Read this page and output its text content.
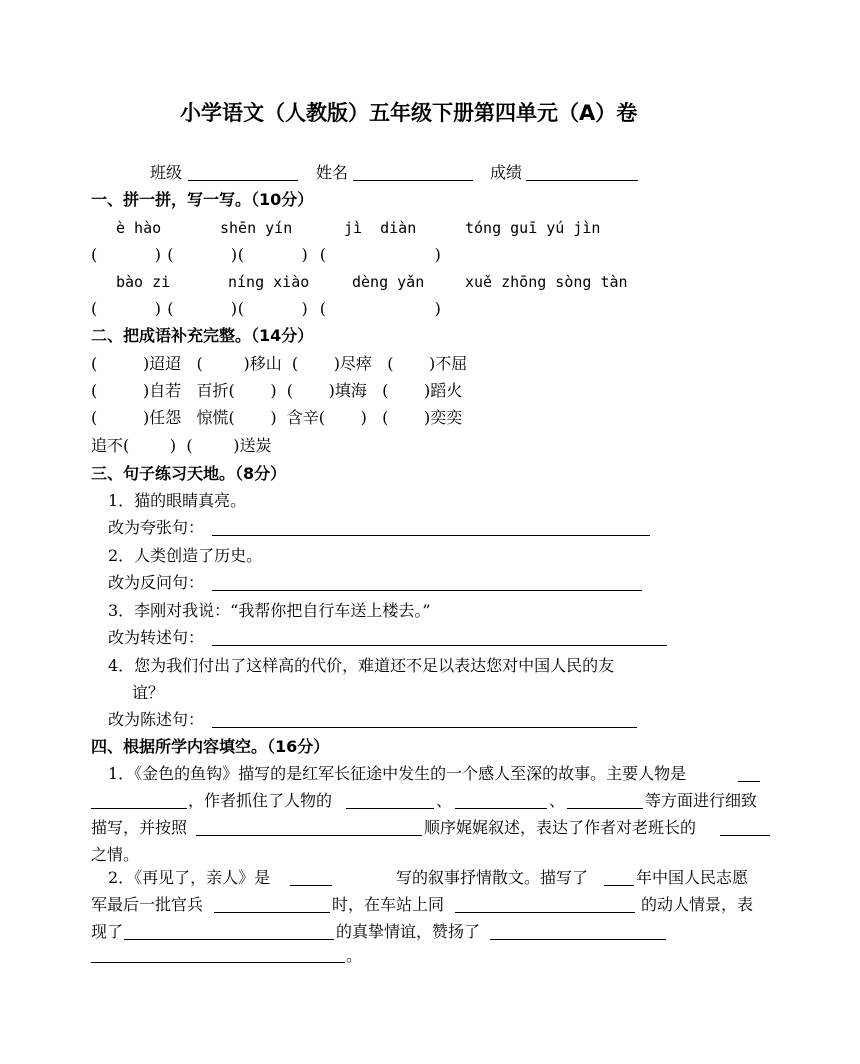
小学语文（人教版）五年级下册第四单元（A）卷
班级	姓名	成绩
一、拼一拼，写一写。（10分）
è hào	shēn yín	jì  diàn	tóng guī yú jìn
(          ) (          )(          )  (                   )
bào zi	níng xiào	dèng yǎn	xuě zhōng sòng tàn
(          ) (          )(          )  (                   )
二、把成语补充完整。（14分）
(         )迢迢   (        )移山  (       )尽瘁   (       )不屈
(         )自若   百折(       )  (       )填海   (       )蹈火
(         )任怨   惊慌(       )  含辛(       )   (       )奕奕
追不(        )  (        )送炭
三、句子练习天地。（8分）
1．猫的眼睛真亮。
改为夸张句：
2．人类创造了历史。
改为反问句：
3．李刚对我说：“我帮你把自行车送上楼去。”
改为转述句：
4．您为我们付出了这样高的代价，难道还不足以表达您对中国人民的友
谊？
改为陈述句：
四、根据所学内容填空。（16分）
1．《金色的鱼钩》描写的是红军长征途中发生的一个感人至深的故事。主要人物是
，作者抓住了人物的	、	、	等方面进行细致
描写，并按照	顺序娓娓叙述，表达了作者对老班长的
之情。
2．《再见了，亲人》是	写的叙事抒情散文。描写了	年中国人民志愿
军最后一批官兵	时，在车站上同	的动人情景，表
现了	的真挚情谊，赞扬了
。
